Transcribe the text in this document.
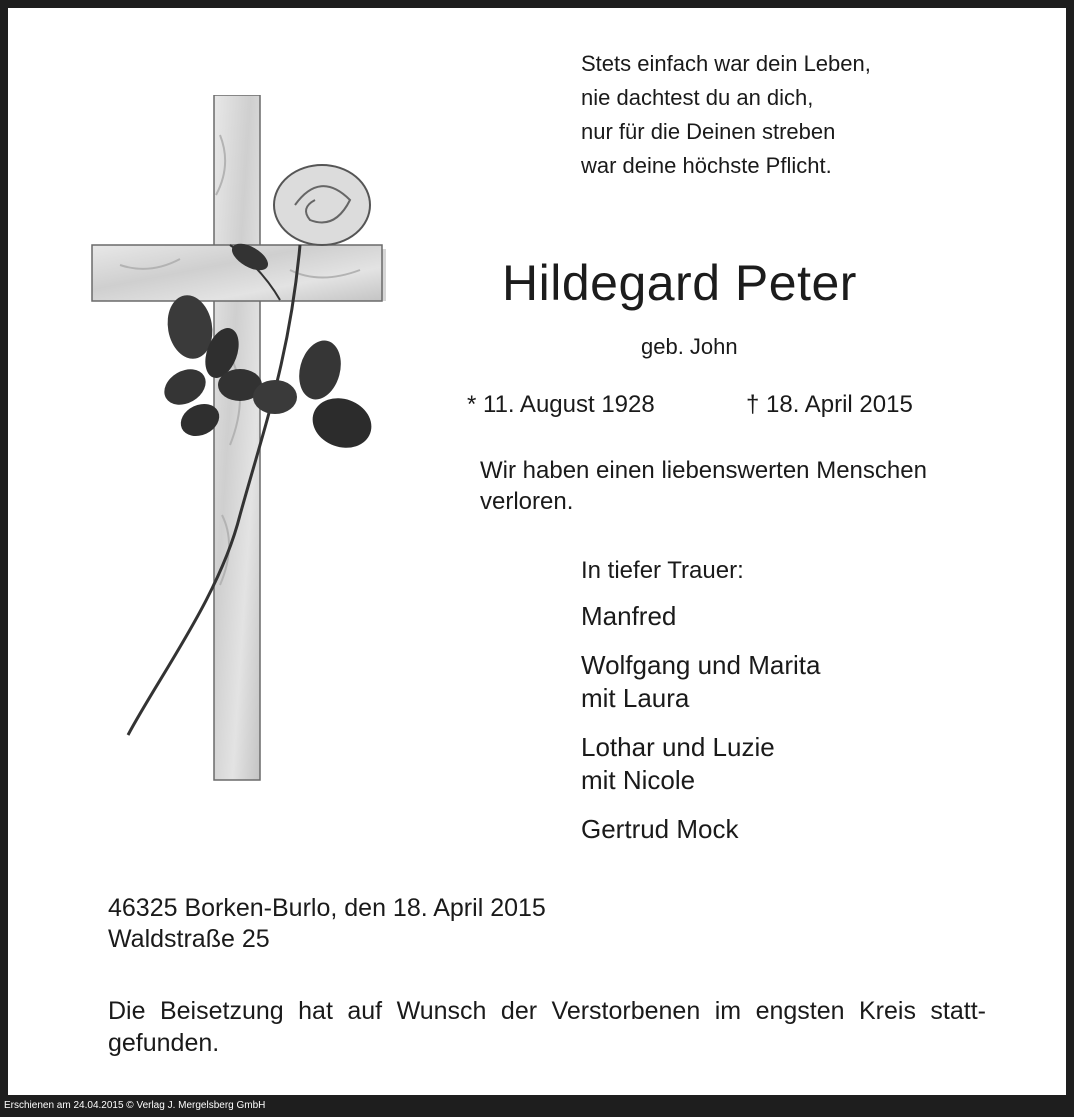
Stets einfach war dein Leben,
nie dachtest du an dich,
nur für die Deinen streben
war deine höchste Pflicht.
Hildegard Peter
geb. John
* 11. August 1928	† 18. April 2015
Wir haben einen liebenswerten Menschen
verloren.
In tiefer Trauer:
Manfred
Wolfgang und Marita
mit Laura
Lothar und Luzie
mit Nicole
Gertrud Mock
46325 Borken-Burlo, den 18. April 2015
Waldstraße 25
Die Beisetzung hat auf Wunsch der Verstorbenen im engsten Kreis statt-
gefunden.
Erschienen am 24.04.2015 © Verlag J. Mergelsberg GmbH
